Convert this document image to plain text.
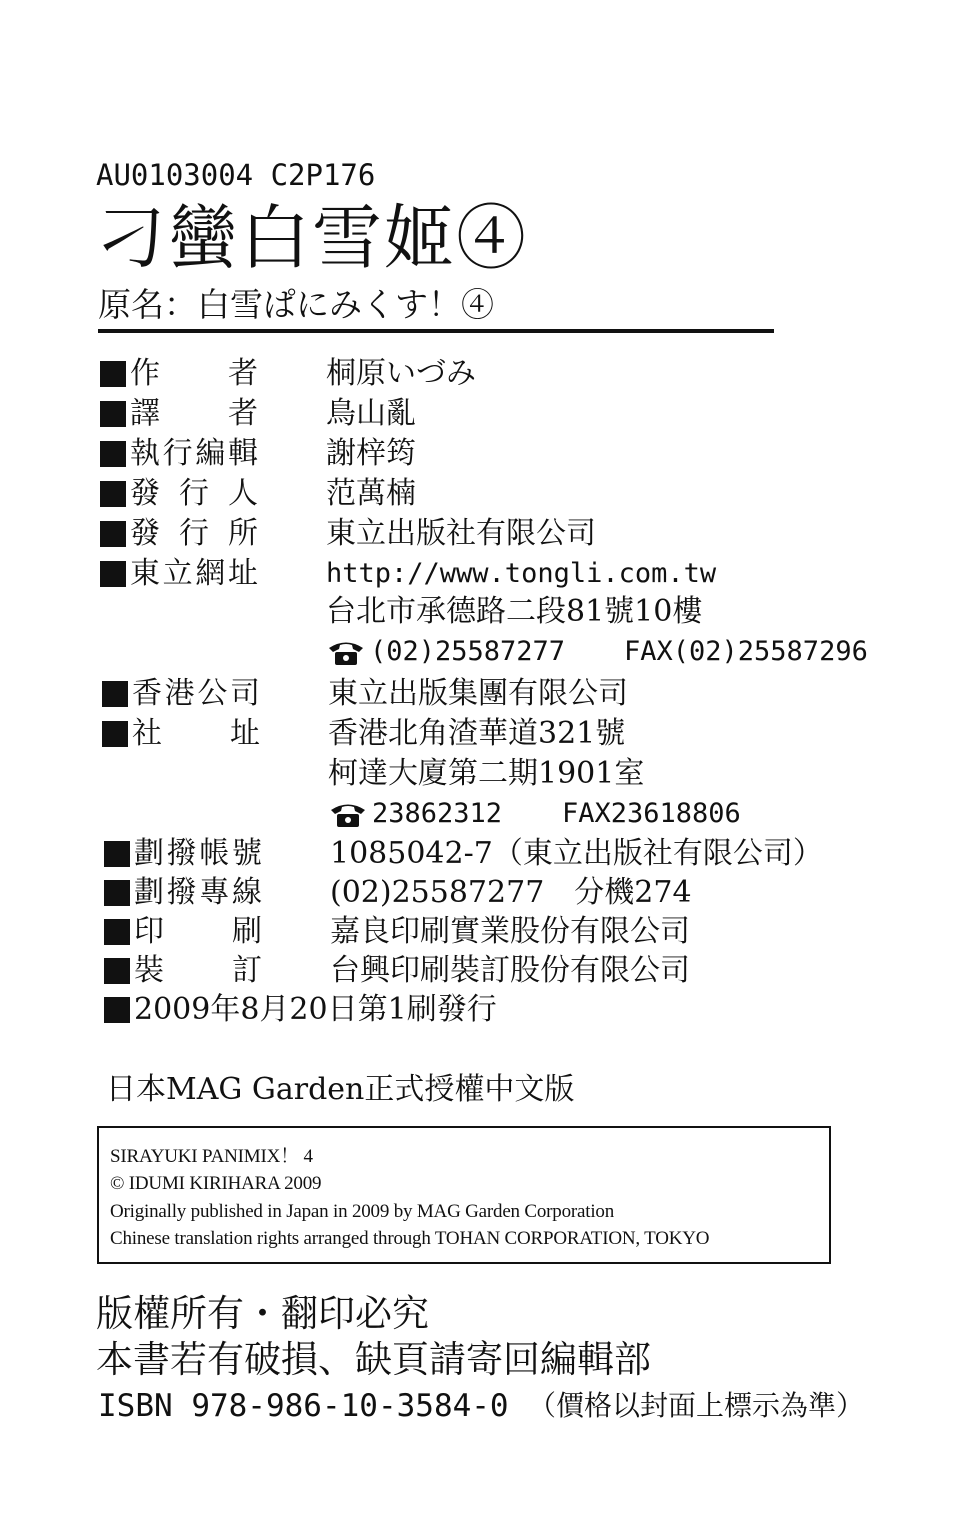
AU0103004 C2P176
刁蠻白雪姬④
原名：白雪ぱにみくす！④
作者 桐原いづみ
譯者 鳥山亂
執行編輯 謝梓筠
發行人 范萬楠
發行所 東立出版社有限公司
東立網址	http://www.tongli.com.tw
台北市承德路二段81號10樓
(02)25587277 FAX(02)25587296
香港公司 東立出版集團有限公司
社址 香港北角渣華道321號
柯達大廈第二期1901室
23862312 FAX23618806
劃撥帳號 1085042-7（東立出版社有限公司）
劃撥專線 (02)25587277　分機274
印刷 嘉良印刷實業股份有限公司
裝訂 台興印刷裝訂股份有限公司
2009年8月20日第1刷發行
日本MAG Garden正式授權中文版
SIRAYUKI PANIMIX！ 4
© IDUMI KIRIHARA 2009
Originally published in Japan in 2009 by MAG Garden Corporation
Chinese translation rights arranged through TOHAN CORPORATION, TOKYO
版權所有・翻印必究
本書若有破損、缺頁請寄回編輯部
ISBN 978-986-10-3584-0 （價格以封面上標示為準）
